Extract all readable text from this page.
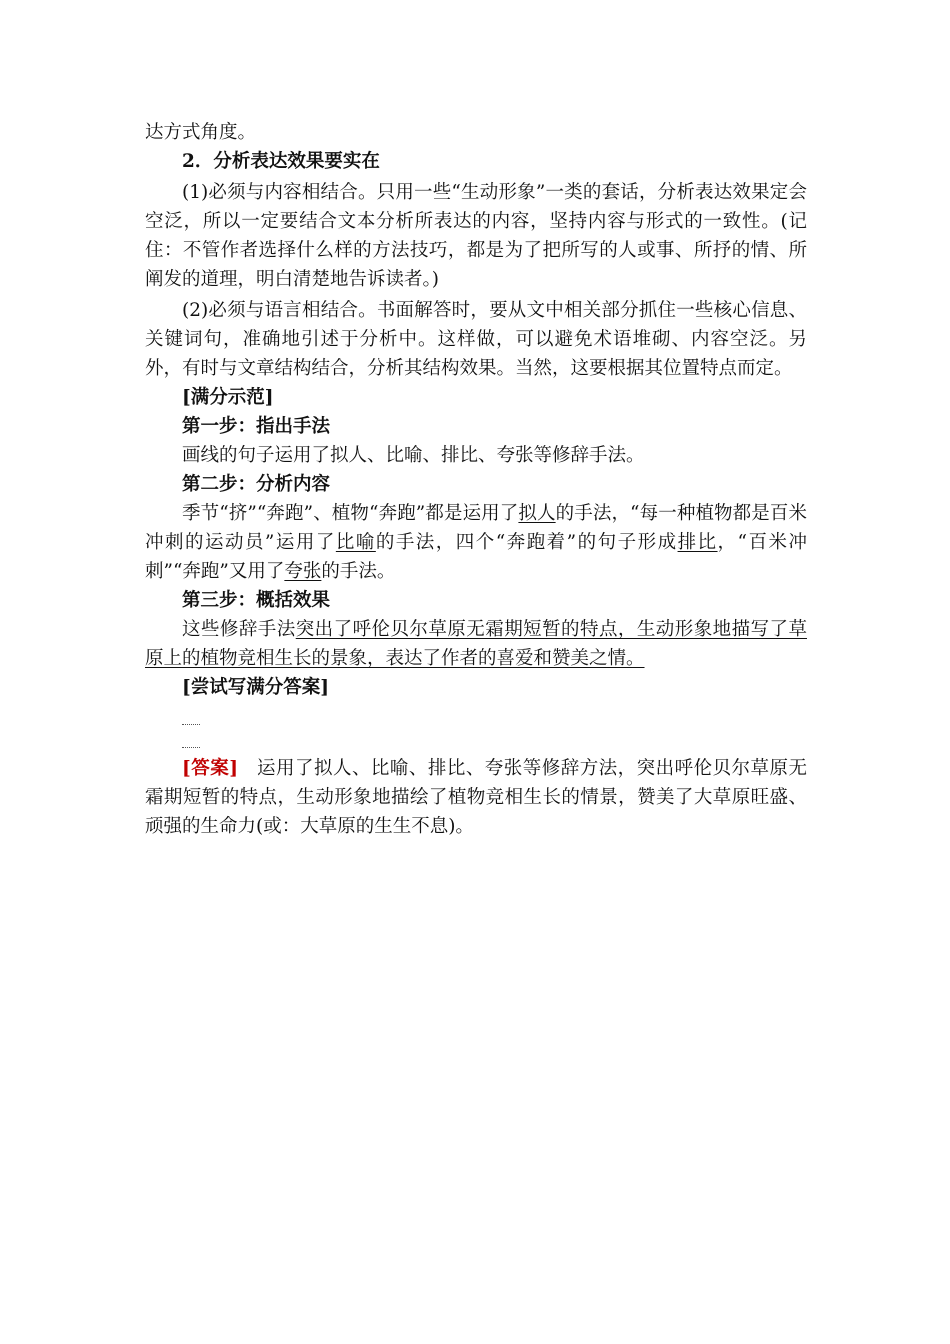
达方式角度。

2．分析表达效果要实在

(1)必须与内容相结合。只用一些“生动形象”一类的套话，分析表达效果定会空泛，所以一定要结合文本分析所表达的内容，坚持内容与形式的一致性。(记住：不管作者选择什么样的方法技巧，都是为了把所写的人或事、所抒的情、所阐发的道理，明白清楚地告诉读者。)

(2)必须与语言相结合。书面解答时，要从文中相关部分抓住一些核心信息、关键词句，准确地引述于分析中。这样做，可以避免术语堆砌、内容空泛。另外，有时与文章结构结合，分析其结构效果。当然，这要根据其位置特点而定。

[满分示范]

第一步：指出手法

画线的句子运用了拟人、比喻、排比、夸张等修辞手法。

第二步：分析内容

季节“挤”“奔跑”、植物“奔跑”都是运用了拟人的手法，“每一种植物都是百米冲刺的运动员”运用了比喻的手法，四个“奔跑着”的句子形成排比，“百米冲刺”“奔跑”又用了夸张的手法。

第三步：概括效果

这些修辞手法突出了呼伦贝尔草原无霜期短暂的特点，生动形象地描写了草原上的植物竞相生长的景象，表达了作者的喜爱和赞美之情。

[尝试写满分答案]

[答案] 运用了拟人、比喻、排比、夸张等修辞方法，突出呼伦贝尔草原无霜期短暂的特点，生动形象地描绘了植物竞相生长的情景，赞美了大草原旺盛、顽强的生命力(或：大草原的生生不息)。
